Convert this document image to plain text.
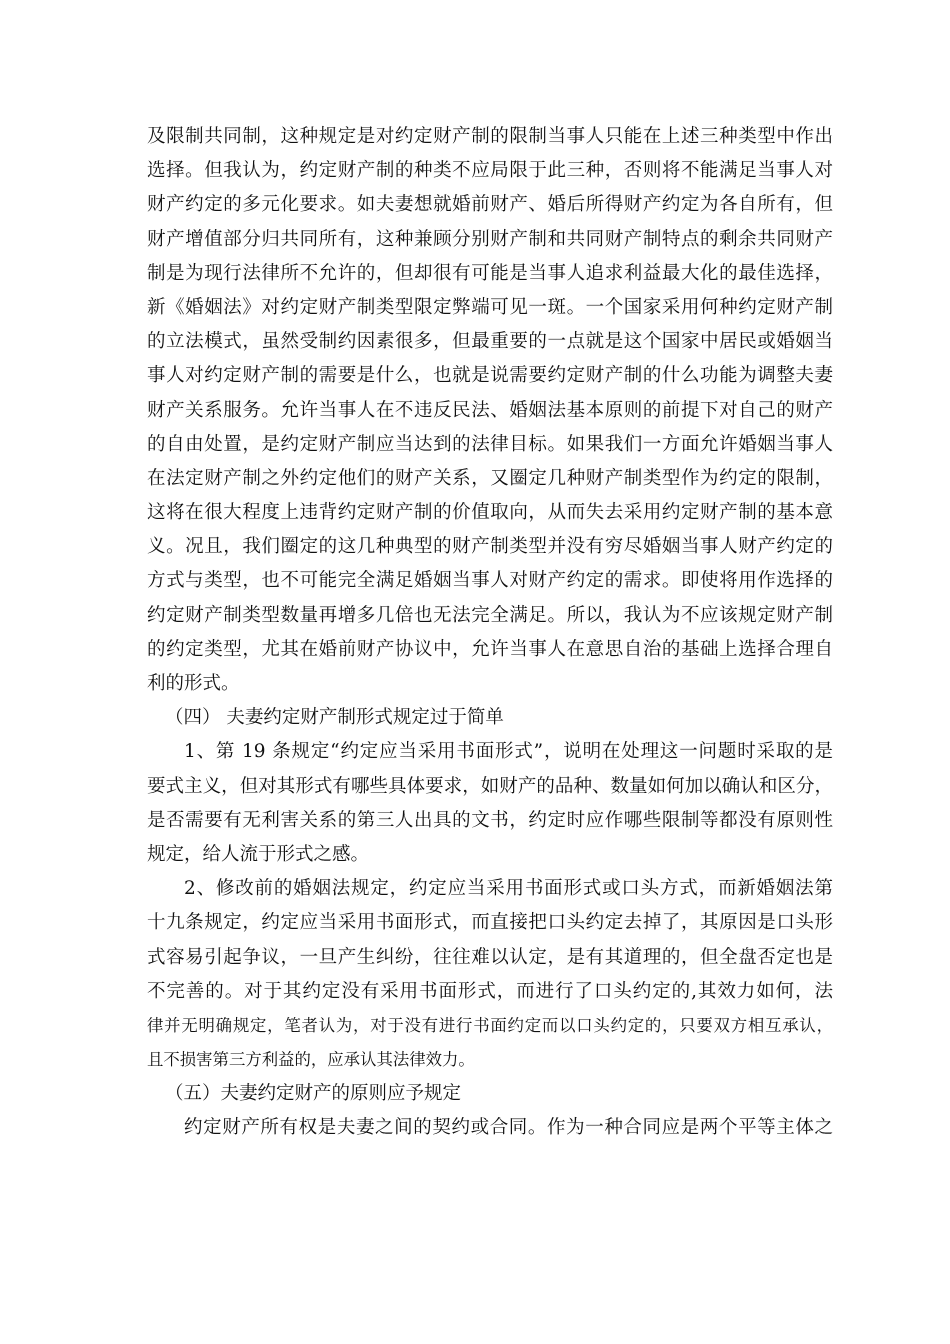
及限制共同制，这种规定是对约定财产制的限制当事人只能在上述三种类型中作出
选择。但我认为，约定财产制的种类不应局限于此三种，否则将不能满足当事人对
财产约定的多元化要求。如夫妻想就婚前财产、婚后所得财产约定为各自所有，但
财产增值部分归共同所有，这种兼顾分别财产制和共同财产制特点的剩余共同财产
制是为现行法律所不允许的，但却很有可能是当事人追求利益最大化的最佳选择，
新《婚姻法》对约定财产制类型限定弊端可见一斑。一个国家采用何种约定财产制
的立法模式，虽然受制约因素很多，但最重要的一点就是这个国家中居民或婚姻当
事人对约定财产制的需要是什么，也就是说需要约定财产制的什么功能为调整夫妻
财产关系服务。允许当事人在不违反民法、婚姻法基本原则的前提下对自己的财产
的自由处置，是约定财产制应当达到的法律目标。如果我们一方面允许婚姻当事人
在法定财产制之外约定他们的财产关系，又圈定几种财产制类型作为约定的限制，
这将在很大程度上违背约定财产制的价值取向，从而失去采用约定财产制的基本意
义。况且，我们圈定的这几种典型的财产制类型并没有穷尽婚姻当事人财产约定的
方式与类型，也不可能完全满足婚姻当事人对财产约定的需求。即使将用作选择的
约定财产制类型数量再增多几倍也无法完全满足。所以，我认为不应该规定财产制
的约定类型，尤其在婚前财产协议中，允许当事人在意思自治的基础上选择合理自
利的形式。
（四） 夫妻约定财产制形式规定过于简单
1、第 19 条规定“约定应当采用书面形式”，说明在处理这一问题时采取的是
要式主义，但对其形式有哪些具体要求，如财产的品种、数量如何加以确认和区分，
是否需要有无利害关系的第三人出具的文书，约定时应作哪些限制等都没有原则性
规定，给人流于形式之感。
2、修改前的婚姻法规定，约定应当采用书面形式或口头方式，而新婚姻法第
十九条规定，约定应当采用书面形式，而直接把口头约定去掉了，其原因是口头形
式容易引起争议，一旦产生纠纷，往往难以认定，是有其道理的，但全盘否定也是
不完善的。对于其约定没有采用书面形式，而进行了口头约定的,其效力如何，法
律并无明确规定，笔者认为，对于没有进行书面约定而以口头约定的，只要双方相互承认，
且不损害第三方利益的，应承认其法律效力。
（五）夫妻约定财产的原则应予规定
约定财产所有权是夫妻之间的契约或合同。作为一种合同应是两个平等主体之
